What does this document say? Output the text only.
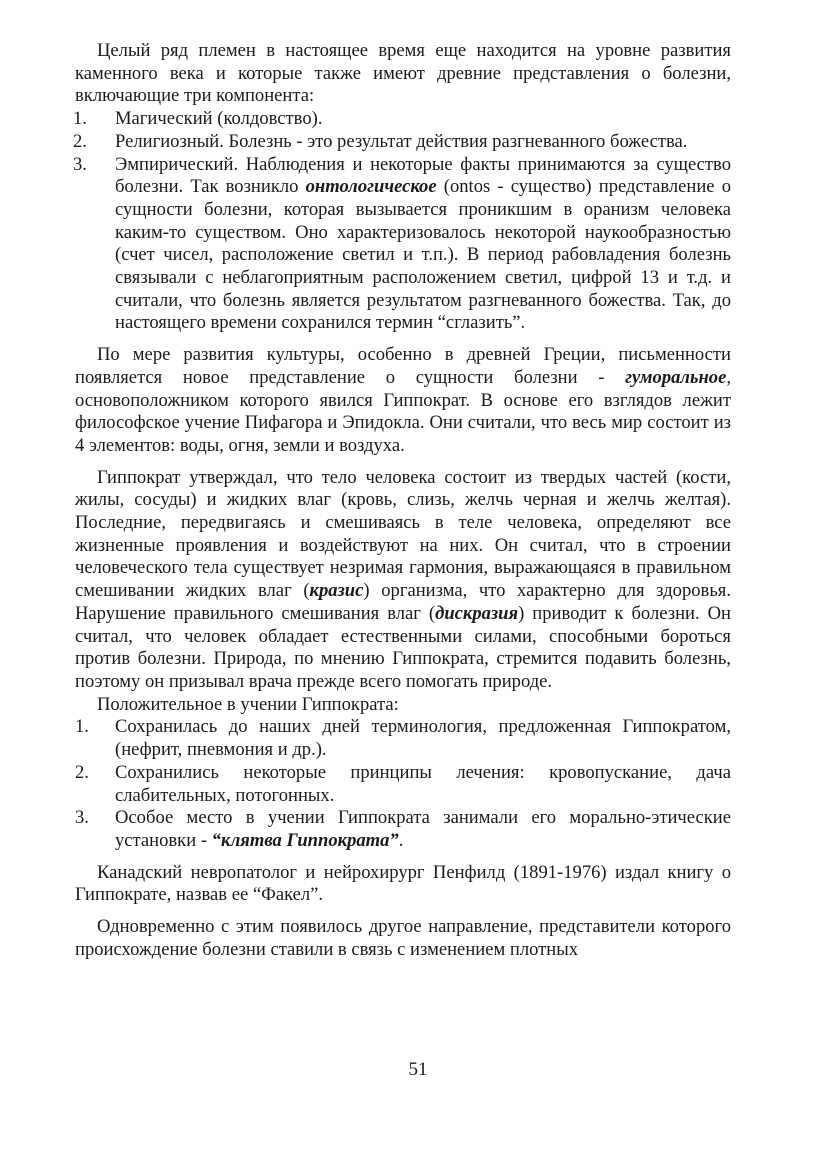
Целый ряд племен в настоящее время еще находится на уровне развития каменного века и которые также имеют древние представления о болезни, включающие три компонента:

1. Магический (колдовство).
2. Религиозный. Болезнь - это результат действия разгневанного божества.
3. Эмпирический. Наблюдения и некоторые факты принимаются за существо болезни. Так возникло онтологическое (ontos - существо) представление о сущности болезни, которая вызывается проникшим в оранизм человека каким-то существом. Оно характеризовалось некоторой наукообразностью (счет чисел, расположение светил и т.п.). В период рабовладения болезнь связывали с неблагоприятным расположением светил, цифрой 13 и т.д. и считали, что болезнь является результатом разгневанного божества. Так, до настоящего времени сохранился термин “сглазить”.

По мере развития культуры, особенно в древней Греции, письменности появляется новое представление о сущности болезни - гуморальное, основоположником которого явился Гиппократ. В основе его взглядов лежит философское учение Пифагора и Эпидокла. Они считали, что весь мир состоит из 4 элементов: воды, огня, земли и воздуха.

Гиппократ утверждал, что тело человека состоит из твердых частей (кости, жилы, сосуды) и жидких влаг (кровь, слизь, желчь черная и желчь желтая). Последние, передвигаясь и смешиваясь в теле человека, определяют все жизненные проявления и воздействуют на них. Он считал, что в строении человеческого тела существует незримая гармония, выражающаяся в правильном смешивании жидких влаг (кразис) организма, что характерно для здоровья. Нарушение правильного смешивания влаг (дискразия) приводит к болезни. Он считал, что человек обладает естественными силами, способными бороться против болезни. Природа, по мнению Гиппократа, стремится подавить болезнь, поэтому он призывал врача прежде всего помогать природе.

Положительное в учении Гиппократа:

1. Сохранилась до наших дней терминология, предложенная Гиппократом, (нефрит, пневмония и др.).
2. Сохранились некоторые принципы лечения: кровопускание, дача слабительных, потогонных.
3. Особое место в учении Гиппократа занимали его морально-этические установки - “клятва Гиппократа”.

Канадский невропатолог и нейрохирург Пенфилд (1891-1976) издал книгу о Гиппократе, назвав ее “Факел”.

Одновременно с этим появилось другое направление, представители которого происхождение болезни ставили в связь с изменением плотных

51
